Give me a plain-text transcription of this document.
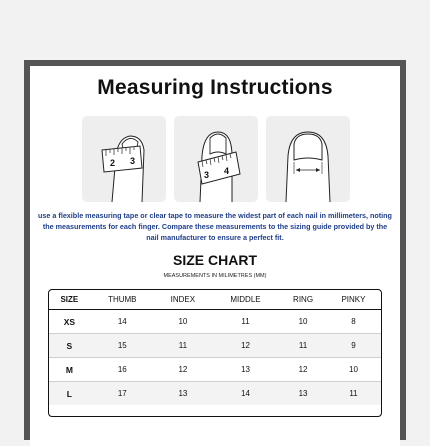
Measuring Instructions
2 3
3 4
use a flexible measuring tape or clear tape to measure the widest part of each nail in millimeters, noting the measurements for each finger. Compare these measurements to the sizing guide provided by the nail manufacturer to ensure a perfect fit.
SIZE CHART
MEASUREMENTS IN MILIMETRES (MM)
SIZE	THUMB	INDEX	MIDDLE	RING	PINKY
XS	14	10	11	10	8
S	15	11	12	11	9
M	16	12	13	12	10
L	17	13	14	13	11
